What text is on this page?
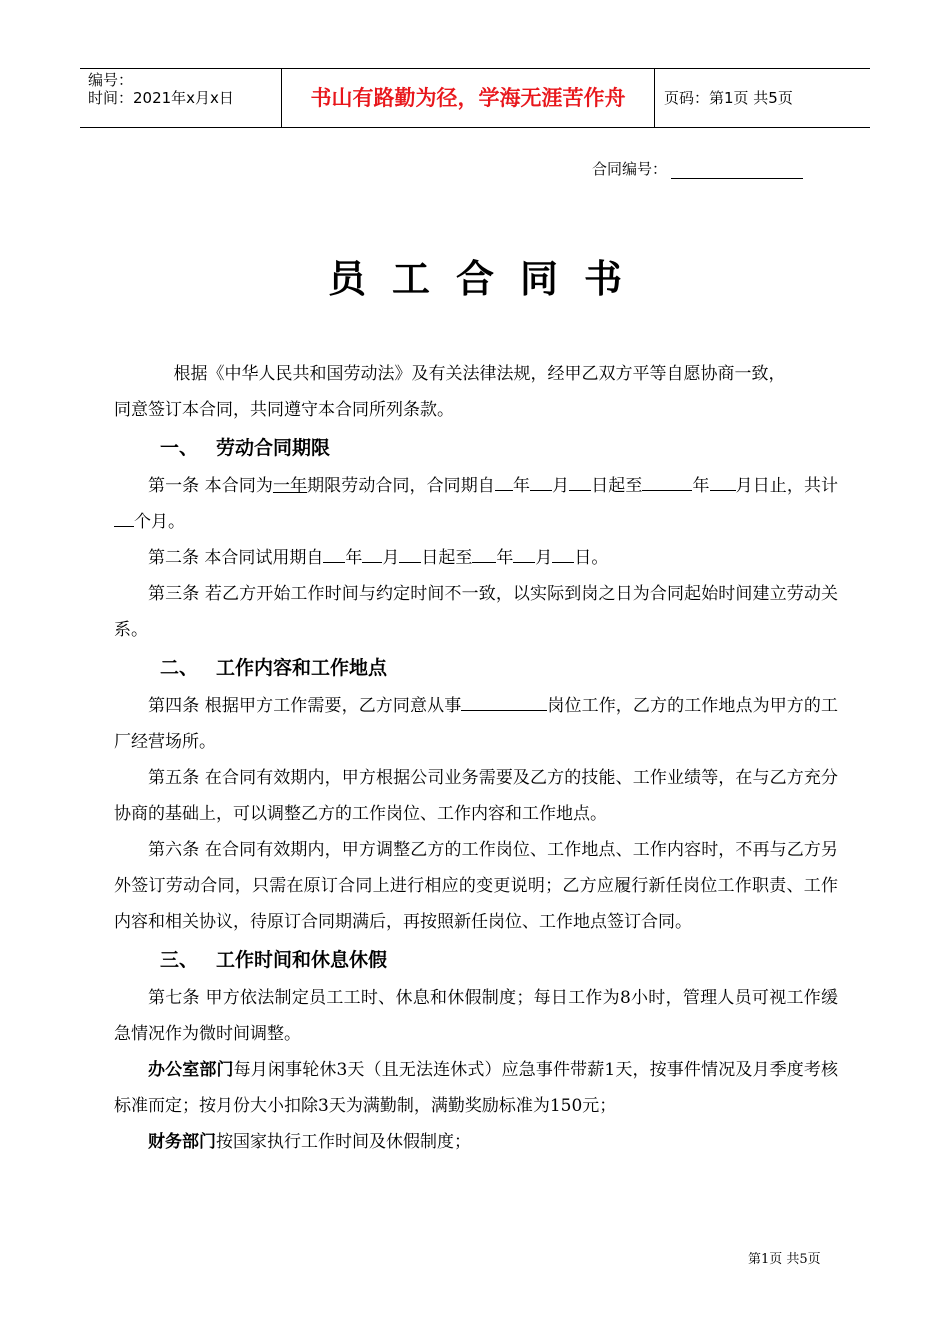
编号：
时间：2021年x月x日	书山有路勤为径，学海无涯苦作舟	页码：第1页 共5页
合同编号：
员工合同书

根据《中华人民共和国劳动法》及有关法律法规，经甲乙双方平等自愿协商一致，

同意签订本合同，共同遵守本合同所列条款。

一、 劳动合同期限

第一条 本合同为一年期限劳动合同，合同期自 年 月 日起至	年 月日止，共计个月。

第二条 本合同试用期自 年 月 日起至 年 月 日。

第三条 若乙方开始工作时间与约定时间不一致，以实际到岗之日为合同起始时间建立劳动关系。

二、 工作内容和工作地点

第四条 根据甲方工作需要，乙方同意从事	岗位工作，乙方的工作地点为甲方的工厂经营场所。

第五条 在合同有效期内，甲方根据公司业务需要及乙方的技能、工作业绩等，在与乙方充分协商的基础上，可以调整乙方的工作岗位、工作内容和工作地点。

第六条 在合同有效期内，甲方调整乙方的工作岗位、工作地点、工作内容时，不再与乙方另外签订劳动合同，只需在原订合同上进行相应的变更说明；乙方应履行新任岗位工作职责、工作内容和相关协议，待原订合同期满后，再按照新任岗位、工作地点签订合同。

三、 工作时间和休息休假

第七条 甲方依法制定员工工时、休息和休假制度；每日工作为8小时，管理人员可视工作缓急情况作为微时间调整。

办公室部门每月闲事轮休3天（且无法连休式）应急事件带薪1天，按事件情况及月季度考核标准而定；按月份大小扣除3天为满勤制，满勤奖励标准为150元；

财务部门按国家执行工作时间及休假制度；

第1页 共5页
